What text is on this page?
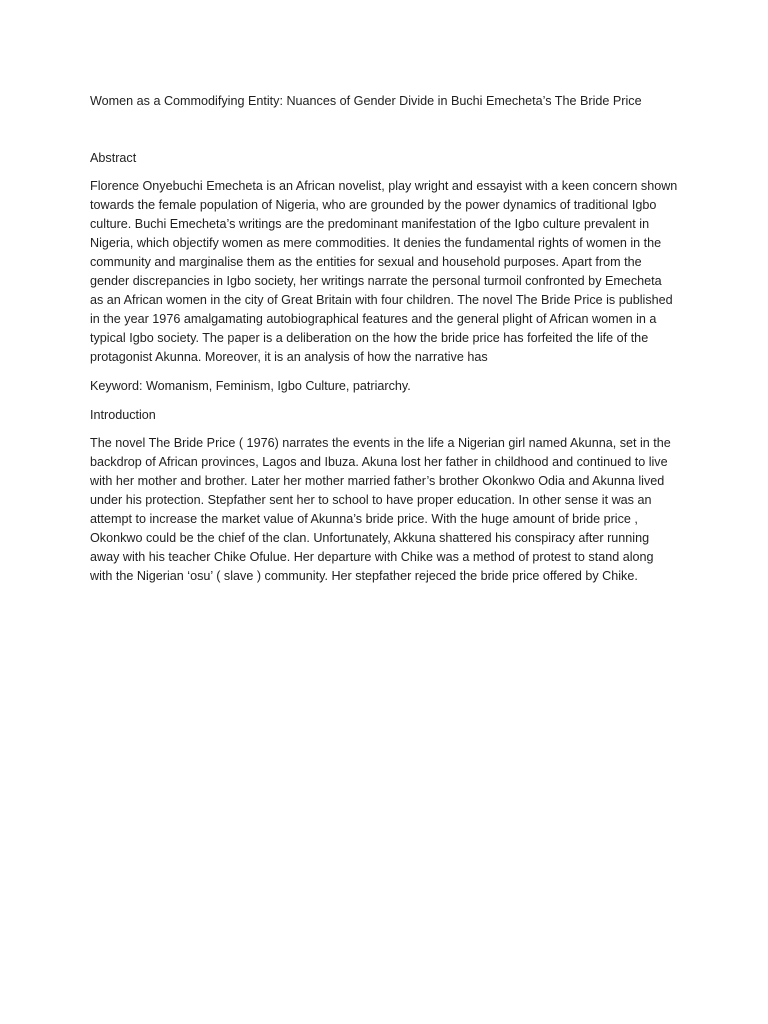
Women as a Commodifying Entity: Nuances of Gender Divide in Buchi Emecheta’s The Bride Price

Abstract

Florence Onyebuchi Emecheta is an African novelist, play wright and essayist with a keen concern shown towards the female population of Nigeria, who are grounded by the power dynamics of traditional Igbo culture. Buchi Emecheta’s writings are the predominant manifestation of the Igbo culture prevalent in Nigeria, which objectify women as mere commodities. It denies the fundamental rights of women in the community and marginalise them as the entities for sexual and household purposes. Apart from the gender discrepancies in Igbo society, her writings narrate the personal turmoil confronted by Emecheta as an African women in the city of Great Britain with four children. The novel The Bride Price is published in the year 1976 amalgamating autobiographical features and the general plight of African women in a typical Igbo society. The paper is a deliberation on the how the bride price has forfeited the life of the protagonist Akunna. Moreover, it is an analysis of how the narrative has

Keyword: Womanism, Feminism, Igbo Culture, patriarchy.

Introduction

The novel The Bride Price ( 1976) narrates the events in the life a Nigerian girl named Akunna, set in the backdrop of African provinces, Lagos and Ibuza. Akuna lost her father in childhood and continued to live with her mother and brother. Later her mother married father’s brother Okonkwo Odia and Akunna lived under his protection. Stepfather sent her to school to have proper education. In other sense it was an attempt to increase the market value of Akunna’s bride price. With the huge amount of bride price , Okonkwo could be the chief of the clan. Unfortunately, Akkuna shattered his conspiracy after running away with his teacher Chike Ofulue. Her departure with Chike was a method of protest to stand along with the Nigerian ‘osu’ ( slave ) community. Her stepfather rejeced the bride price offered by Chike.
